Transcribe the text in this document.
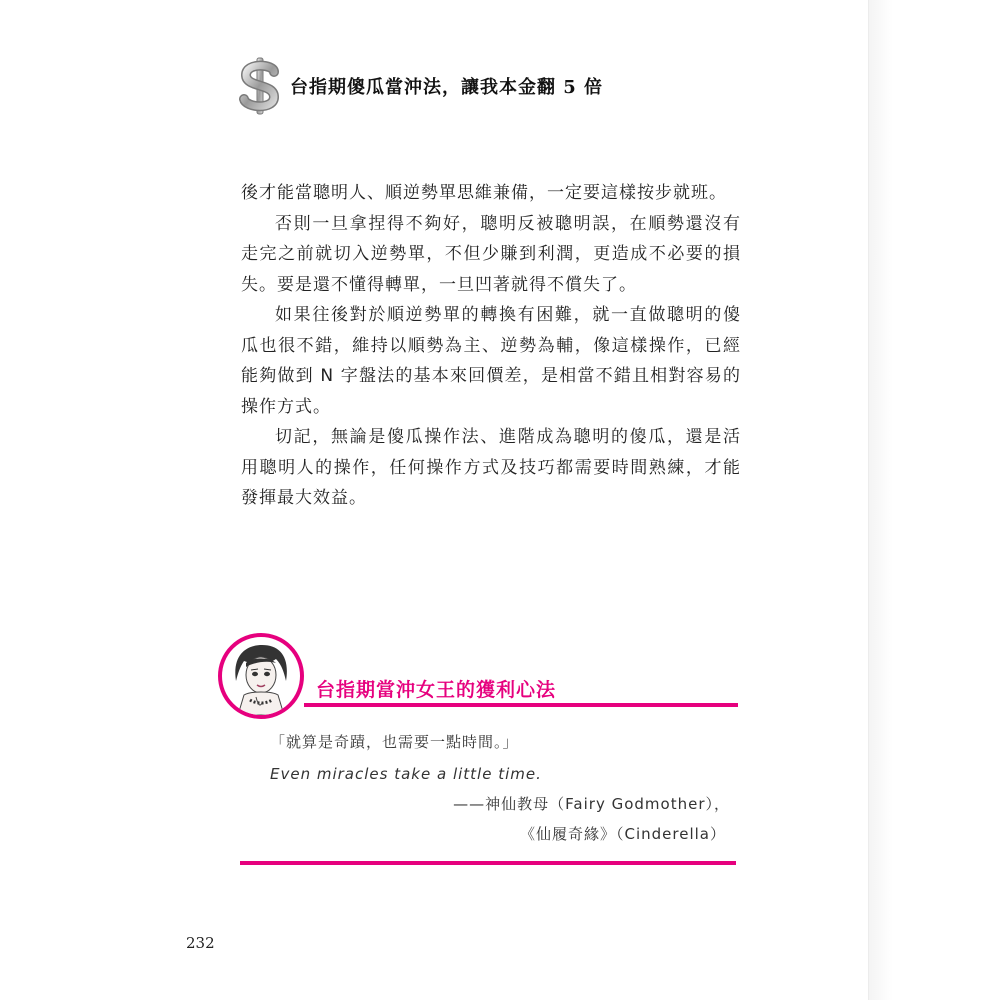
台指期傻瓜當沖法，讓我本金翻 5 倍

後才能當聰明人、順逆勢單思維兼備，一定要這樣按步就班。

否則一旦拿捏得不夠好，聰明反被聰明誤，在順勢還沒有走完之前就切入逆勢單，不但少賺到利潤，更造成不必要的損失。要是還不懂得轉單，一旦凹著就得不償失了。

如果往後對於順逆勢單的轉換有困難，就一直做聰明的傻瓜也很不錯，維持以順勢為主、逆勢為輔，像這樣操作，已經能夠做到 N 字盤法的基本來回價差，是相當不錯且相對容易的操作方式。

切記，無論是傻瓜操作法、進階成為聰明的傻瓜，還是活用聰明人的操作，任何操作方式及技巧都需要時間熟練，才能發揮最大效益。

台指期當沖女王的獲利心法
「就算是奇蹟，也需要一點時間。」
Even miracles take a little time.
——神仙教母（Fairy Godmother），
《仙履奇緣》（Cinderella）
232
